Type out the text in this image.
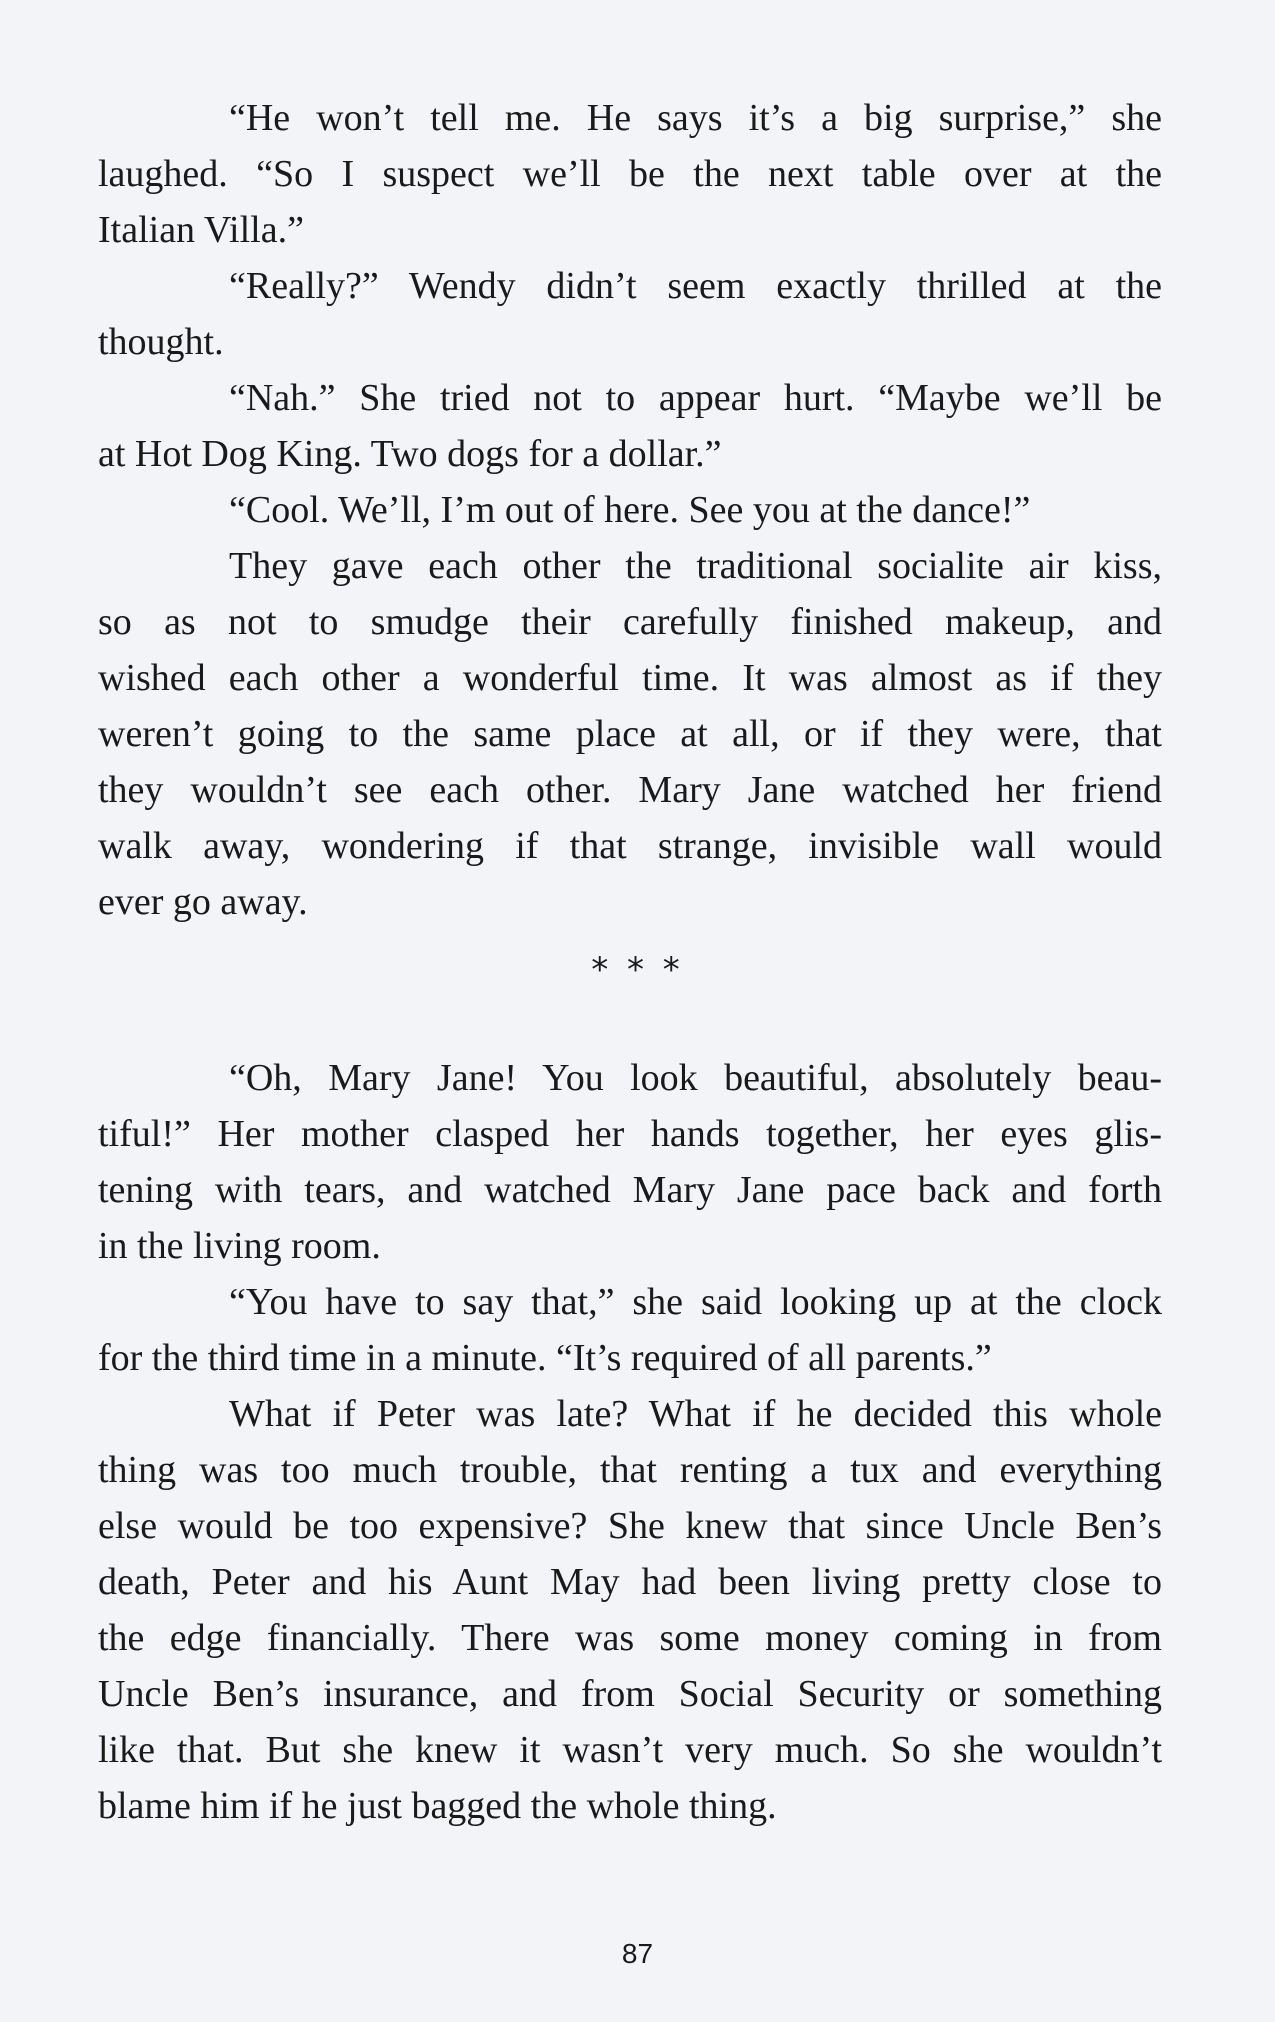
“He won’t tell me. He says it’s a big surprise,” she
laughed. “So I suspect we’ll be the next table over at the
Italian Villa.”
“Really?” Wendy didn’t seem exactly thrilled at the
thought.
“Nah.” She tried not to appear hurt. “Maybe we’ll be
at Hot Dog King. Two dogs for a dollar.”
“Cool. We’ll, I’m out of here. See you at the dance!”
They gave each other the traditional socialite air kiss,
so as not to smudge their carefully finished makeup, and
wished each other a wonderful time. It was almost as if they
weren’t going to the same place at all, or if they were, that
they wouldn’t see each other. Mary Jane watched her friend
walk away, wondering if that strange, invisible wall would
ever go away.
“Oh, Mary Jane! You look beautiful, absolutely beau-
tiful!” Her mother clasped her hands together, her eyes glis-
tening with tears, and watched Mary Jane pace back and forth
in the living room.
“You have to say that,” she said looking up at the clock
for the third time in a minute. “It’s required of all parents.”
What if Peter was late? What if he decided this whole
thing was too much trouble, that renting a tux and everything
else would be too expensive? She knew that since Uncle Ben’s
death, Peter and his Aunt May had been living pretty close to
the edge financially. There was some money coming in from
Uncle Ben’s insurance, and from Social Security or something
like that. But she knew it wasn’t very much. So she wouldn’t
blame him if he just bagged the whole thing.
* * *
87
